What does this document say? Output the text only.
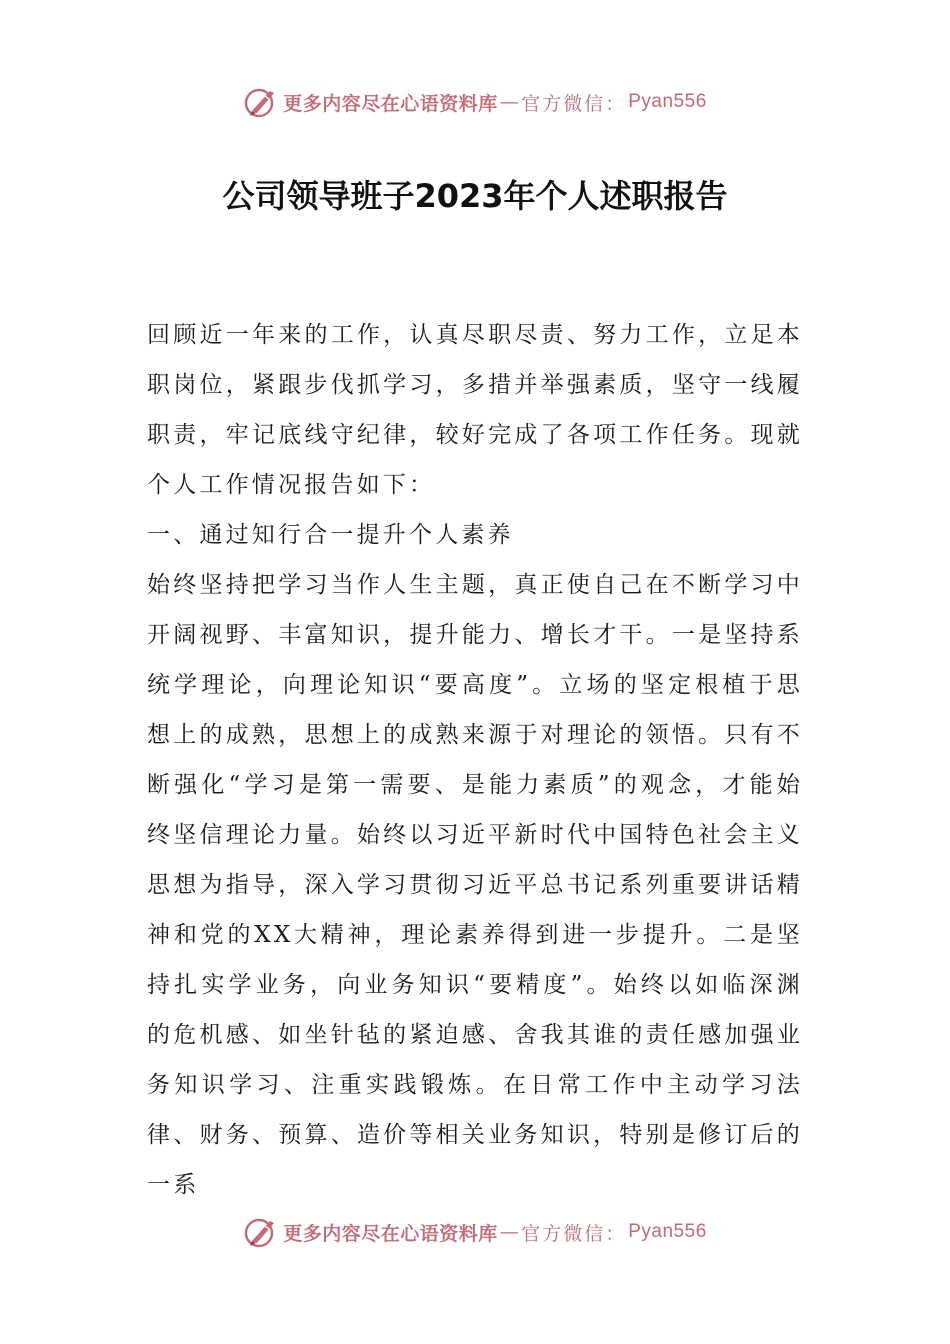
更多内容尽在心语资料库 — 官方微信： Pyan556
公司领导班子2023年个人述职报告

回顾近一年来的工作，认真尽职尽责、努力工作，立足本职岗位，紧跟步伐抓学习，多措并举强素质，坚守一线履职责，牢记底线守纪律，较好完成了各项工作任务。现就个人工作情况报告如下：

一、通过知行合一提升个人素养

始终坚持把学习当作人生主题，真正使自己在不断学习中开阔视野、丰富知识，提升能力、增长才干。一是坚持系统学理论，向理论知识“要高度”。立场的坚定根植于思想上的成熟，思想上的成熟来源于对理论的领悟。只有不断强化“学习是第一需要、是能力素质”的观念，才能始终坚信理论力量。始终以习近平新时代中国特色社会主义思想为指导，深入学习贯彻习近平总书记系列重要讲话精神和党的XX大精神，理论素养得到进一步提升。二是坚持扎实学业务，向业务知识“要精度”。始终以如临深渊的危机感、如坐针毡的紧迫感、舍我其谁的责任感加强业务知识学习、注重实践锻炼。在日常工作中主动学习法律、财务、预算、造价等相关业务知识，特别是修订后的一系

更多内容尽在心语资料库 — 官方微信： Pyan556
